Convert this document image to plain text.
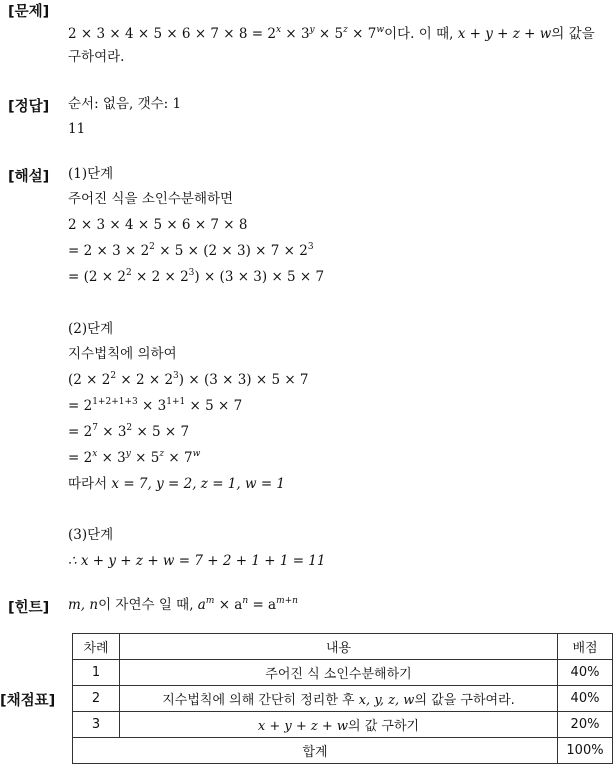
[문제]
[정답]
[해설]
[힌트]
[채점표]
$2 \times 3 \times 4 \times 5 \times 6 \times 7 \times 8 = 2^x \times 3^y \times 5^z \times 7^w$이다. 이 때, x + y + z + w의 값을
구하여라.
순서: 없음, 갯수: 1
11
(1)단계
주어진 식을 소인수분해하면
2 × 3 × 4 × 5 × 6 × 7 × 8
= $2 \times 3 \times 2^2 \times 5 \times (2 \times 3) \times 7 \times 2^3$
= $(2 \times 2^2 \times 2 \times 2^3) \times (3 \times 3) \times 5 \times 7$
(2)단계
지수법칙에 의하여
$(2 \times 2^2 \times 2 \times 2^3) \times (3 \times 3) \times 5 \times 7$
= $2^{1+2+1+3} \times 3^{1+1} \times 5 \times 7$
= $2^7 \times 3^2 \times 5 \times 7$
= $2^x \times 3^y \times 5^z \times 7^w$
따라서 x = 7, y = 2, z = 1, w = 1
(3)단계
∴ x + y + z + w = 7 + 2 + 1 + 1 = 11
m, n이 자연수 일 때, $a^m \times a^n = a^{m+n}$
차례	내용	배점
1	주어진 식 소인수분해하기	40%
2	지수법칙에 의해 간단히 정리한 후 x, y, z, w의 값을 구하여라.	40%
3	x + y + z + w의 값 구하기	20%
합계		100%
